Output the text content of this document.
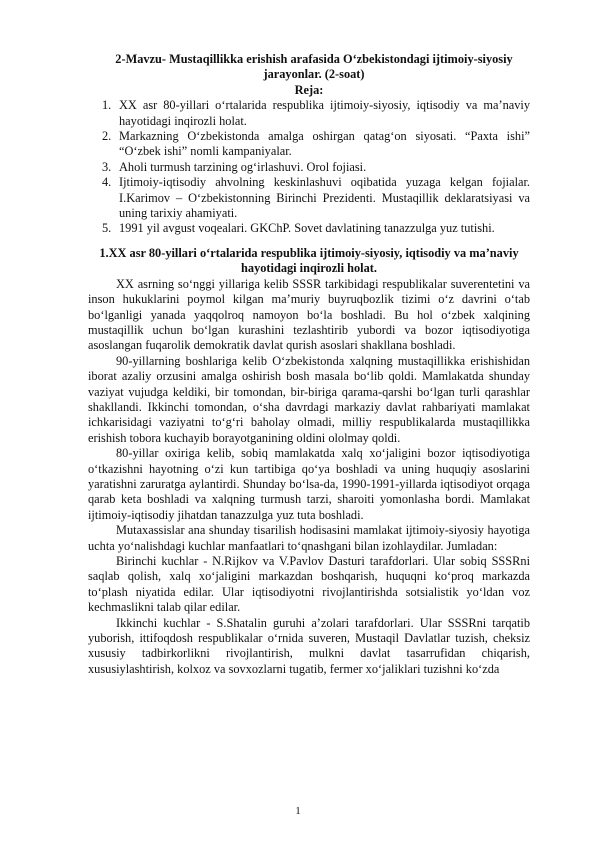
2-Mavzu- Mustaqillikka erishish arafasida O‘zbekistondagi ijtimoiy-siyosiy jarayonlar. (2-soat)
Reja:
1. XX asr 80-yillari o‘rtalarida respublika ijtimoiy-siyosiy, iqtisodiy va ma’naviy hayotidagi inqirozli holat.
2. Markazning O‘zbekistonda amalga oshirgan qatag‘on siyosati. “Paxta ishi” “O‘zbek ishi” nomli kampaniyalar.
3. Aholi turmush tarzining og‘irlashuvi. Orol fojiasi.
4. Ijtimoiy-iqtisodiy ahvolning keskinlashuvi oqibatida yuzaga kelgan fojialar. I.Karimov – O‘zbekistonning Birinchi Prezidenti. Mustaqillik deklaratsiyasi va uning tarixiy ahamiyati.
5. 1991 yil avgust voqealari. GKChP. Sovet davlatining tanazzulga yuz tutishi.
1.XX asr 80-yillari o‘rtalarida respublika ijtimoiy-siyosiy, iqtisodiy va ma’naviy hayotidagi inqirozli holat.

XX asrning so‘nggi yillariga kelib SSSR tarkibidagi respublikalar suverentetini va inson hukuklarini poymol kilgan ma’muriy buyruqbozlik tizimi o‘z davrini o‘tab bo‘lganligi yanada yaqqolroq namoyon bo‘la boshladi. Bu hol o‘zbek xalqining mustaqillik uchun bo‘lgan kurashini tezlashtirib yubordi va bozor iqtisodiyotiga asoslangan fuqarolik demokratik davlat qurish asoslari shakllana boshladi.

90-yillarning boshlariga kelib O‘zbekistonda xalqning mustaqillikka erishishidan iborat azaliy orzusini amalga oshirish bosh masala bo‘lib qoldi. Mamlakatda shunday vaziyat vujudga keldiki, bir tomondan, bir-biriga qarama-qarshi bo‘lgan turli qarashlar shakllandi. Ikkinchi tomondan, o‘sha davrdagi markaziy davlat rahbariyati mamlakat ichkarisidagi vaziyatni to‘g‘ri baholay olmadi, milliy respublikalarda mustaqillikka erishish tobora kuchayib borayotganining oldini ololmay qoldi.

80-yillar oxiriga kelib, sobiq mamlakatda xalq xo‘jaligini bozor iqtisodiyotiga o‘tkazishni hayotning o‘zi kun tartibiga qo‘ya boshladi va uning huquqiy asoslarini yaratishni zaruratga aylantirdi. Shunday bo‘lsa-da, 1990-1991-yillarda iqtisodiyot orqaga qarab keta boshladi va xalqning turmush tarzi, sharoiti yomonlasha bordi. Mamlakat ijtimoiy-iqtisodiy jihatdan tanazzulga yuz tuta boshladi.

Mutaxassislar ana shunday tisarilish hodisasini mamlakat ijtimoiy-siyosiy hayotiga uchta yo‘nalishdagi kuchlar manfaatlari to‘qnashgani bilan izohlaydilar. Jumladan:

Birinchi kuchlar - N.Rijkov va V.Pavlov Dasturi tarafdorlari. Ular sobiq SSSRni saqlab qolish, xalq xo‘jaligini markazdan boshqarish, huquqni ko‘proq markazda to‘plash niyatida edilar. Ular iqtisodiyotni rivojlantirishda sotsialistik yo‘ldan voz kechmaslikni talab qilar edilar.

Ikkinchi kuchlar - S.Shatalin guruhi a’zolari tarafdorlari. Ular SSSRni tarqatib yuborish, ittifoqdosh respublikalar o‘rnida suveren, Mustaqil Davlatlar tuzish, cheksiz xususiy tadbirkorlikni rivojlantirish, mulkni davlat tasarrufidan chiqarish, xususiylashtirish, kolxoz va sovxozlarni tugatib, fermer xo‘jaliklari tuzishni ko‘zda

1
